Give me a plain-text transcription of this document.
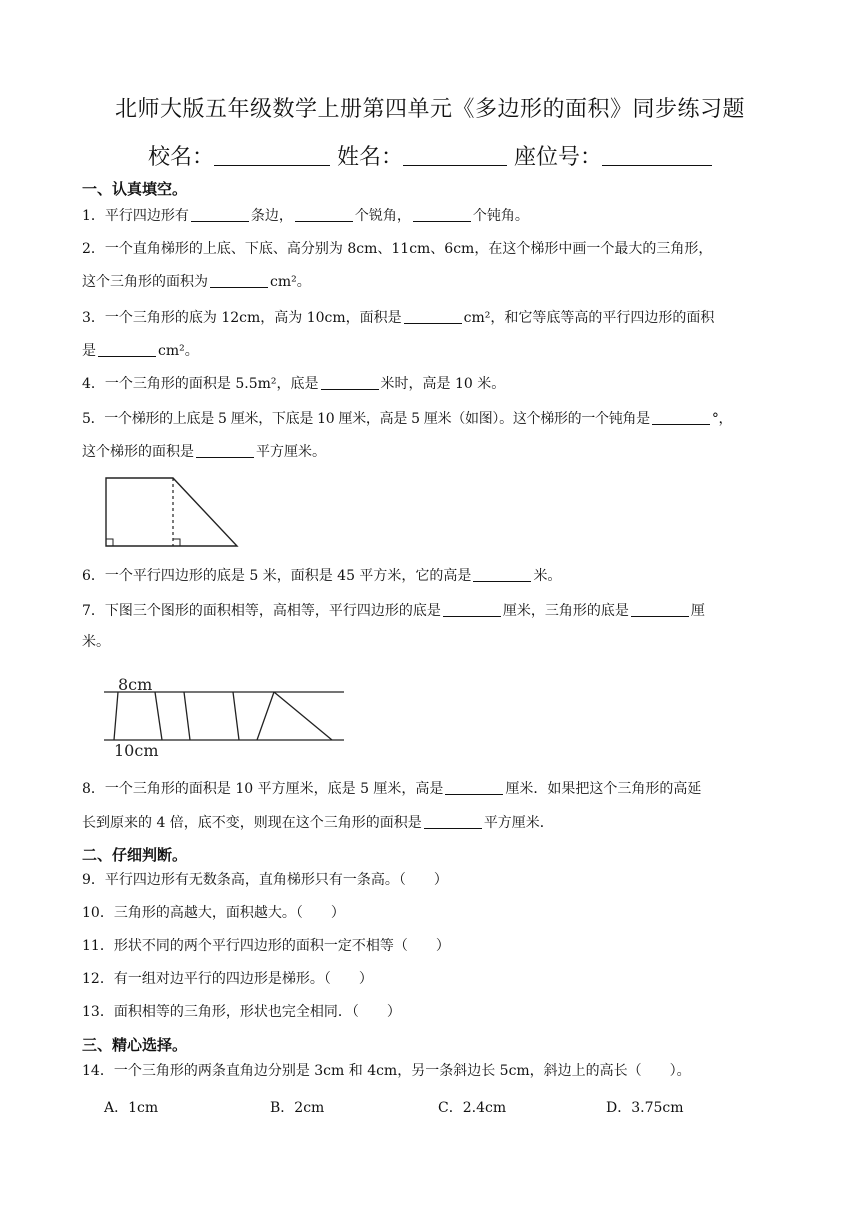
北师大版五年级数学上册第四单元《多边形的面积》同步练习题
校名：	姓名：	座位号：
一、认真填空。
1．平行四边形有	条边，	个锐角，	个钝角。
2．一个直角梯形的上底、下底、高分别为 8cm、11cm、6cm，在这个梯形中画一个最大的三角形，
这个三角形的面积为	cm²。
3．一个三角形的底为 12cm，高为 10cm，面积是	cm²，和它等底等高的平行四边形的面积
是	cm²。
4．一个三角形的面积是 5.5m²，底是	米时，高是 10 米。
5．一个梯形的上底是 5 厘米，下底是 10 厘米，高是 5 厘米（如图）。这个梯形的一个钝角是	°，
这个梯形的面积是	平方厘米。
6．一个平行四边形的底是 5 米，面积是 45 平方米，它的高是	米。
7．下图三个图形的面积相等，高相等，平行四边形的底是	厘米，三角形的底是	厘
米。
8cm
10cm
8．一个三角形的面积是 10 平方厘米，底是 5 厘米，高是	厘米．如果把这个三角形的高延
长到原来的 4 倍，底不变，则现在这个三角形的面积是	平方厘米．
二、仔细判断。
9．平行四边形有无数条高，直角梯形只有一条高。（　　）
10．三角形的高越大，面积越大。（　　）
11．形状不同的两个平行四边形的面积一定不相等（　　）
12．有一组对边平行的四边形是梯形。（　　）
13．面积相等的三角形，形状也完全相同．（　　）
三、精心选择。
14．一个三角形的两条直角边分别是 3cm 和 4cm，另一条斜边长 5cm，斜边上的高长（　　）。
A．1cm	B．2cm	C．2.4cm	D．3.75cm
